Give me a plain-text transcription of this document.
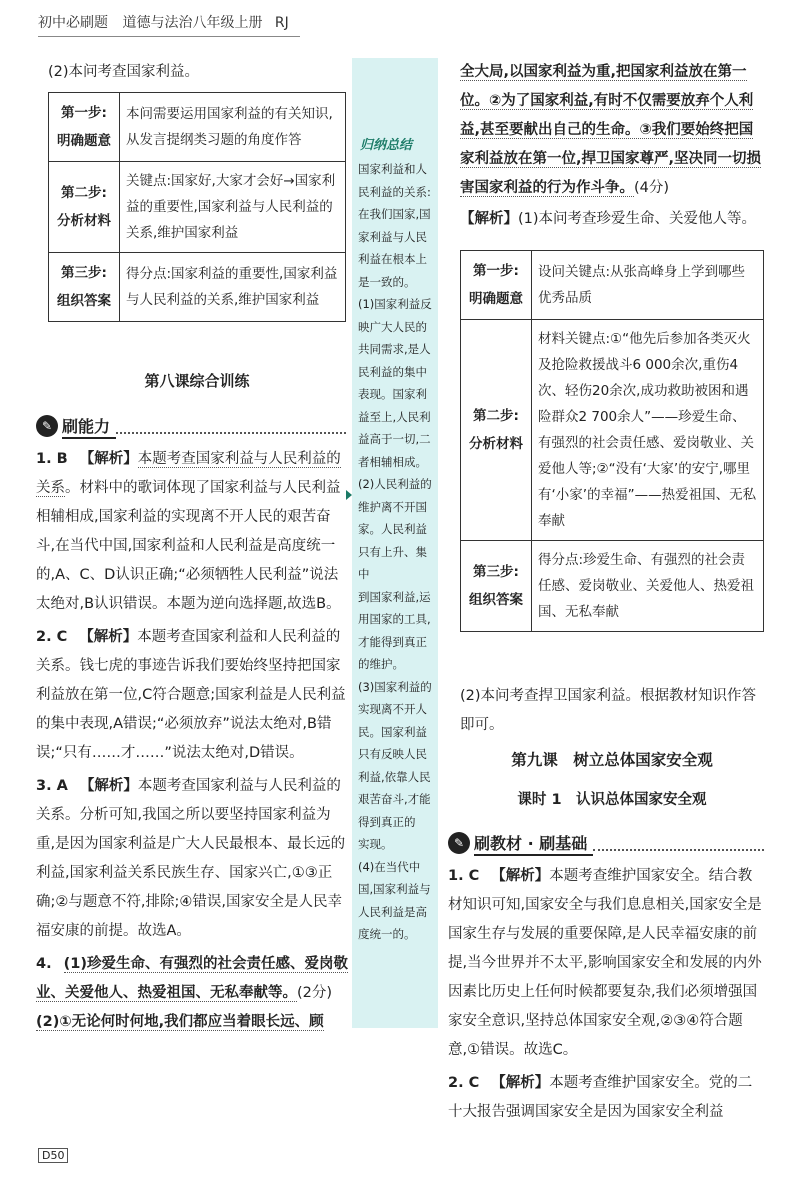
初中必刷题 道德与法治八年级上册 RJ

(2)本问考查国家利益。

第一步:
明确题意	本问需要运用国家利益的有关知识,从发言提纲类习题的角度作答
第二步:
分析材料	关键点:国家好,大家才会好→国家利益的重要性,国家利益与人民利益的关系,维护国家利益
第三步:
组织答案	得分点:国家利益的重要性,国家利益与人民利益的关系,维护国家利益
第八课综合训练
✎ 刷能力

1. B 【解析】本题考查国家利益与人民利益的关系。材料中的歌词体现了国家利益与人民利益相辅相成,国家利益的实现离不开人民的艰苦奋斗,在当代中国,国家利益和人民利益是高度统一的,A、C、D认识正确;“必须牺牲人民利益”说法太绝对,B认识错误。本题为逆向选择题,故选B。

2. C 【解析】本题考查国家利益和人民利益的关系。钱七虎的事迹告诉我们要始终坚持把国家利益放在第一位,C符合题意;国家利益是人民利益的集中表现,A错误;“必须放弃”说法太绝对,B错误;“只有……才……”说法太绝对,D错误。

3. A 【解析】本题考查国家利益与人民利益的关系。分析可知,我国之所以要坚持国家利益为重,是因为国家利益是广大人民最根本、最长远的利益,国家利益关系民族生存、国家兴亡,①③正确;②与题意不符,排除;④错误,国家安全是人民幸福安康的前提。故选A。

4. (1)珍爱生命、有强烈的社会责任感、爱岗敬业、关爱他人、热爱祖国、无私奉献等。(2分)
(2)①无论何时何地,我们都应当着眼长远、顾

D50
归纳总结
国家利益和人
民利益的关系:
在我们国家,国
家利益与人民
利益在根本上
是一致的。
(1)国家利益反
映广大人民的
共同需求,是人
民利益的集中
表现。国家利
益至上,人民利
益高于一切,二
者相辅相成。
(2)人民利益的
维护离不开国
家。人民利益
只有上升、集中
到国家利益,运
用国家的工具,
才能得到真正
的维护。
(3)国家利益的
实现离不开人
民。国家利益
只有反映人民
利益,依靠人民
艰苦奋斗,才能
得到真正的
实现。
(4)在当代中
国,国家利益与
人民利益是高
度统一的。

全大局,以国家利益为重,把国家利益放在第一位。②为了国家利益,有时不仅需要放弃个人利益,甚至要献出自己的生命。③我们要始终把国家利益放在第一位,捍卫国家尊严,坚决同一切损害国家利益的行为作斗争。(4分)

【解析】(1)本问考查珍爱生命、关爱他人等。

第一步:
明确题意	设问关键点:从张高峰身上学到哪些优秀品质
第二步:
分析材料	材料关键点:①“他先后参加各类灭火及抢险救援战斗6 000余次,重伤4次、轻伤20余次,成功救助被困和遇险群众2 700余人”——珍爱生命、有强烈的社会责任感、爱岗敬业、关爱他人等;②“没有‘大家’的安宁,哪里有‘小家’的幸福”——热爱祖国、无私奉献
第三步:
组织答案	得分点:珍爱生命、有强烈的社会责任感、爱岗敬业、关爱他人、热爱祖国、无私奉献

(2)本问考查捍卫国家利益。根据教材知识作答即可。

第九课　树立总体国家安全观
课时 1　认识总体国家安全观
✎ 刷教材 · 刷基础

1. C 【解析】本题考查维护国家安全。结合教材知识可知,国家安全与我们息息相关,国家安全是国家生存与发展的重要保障,是人民幸福安康的前提,当今世界并不太平,影响国家安全和发展的内外因素比历史上任何时候都要复杂,我们必须增强国家安全意识,坚持总体国家安全观,②③④符合题意,①错误。故选C。

2. C 【解析】本题考查维护国家安全。党的二十大报告强调国家安全是因为国家安全利益
